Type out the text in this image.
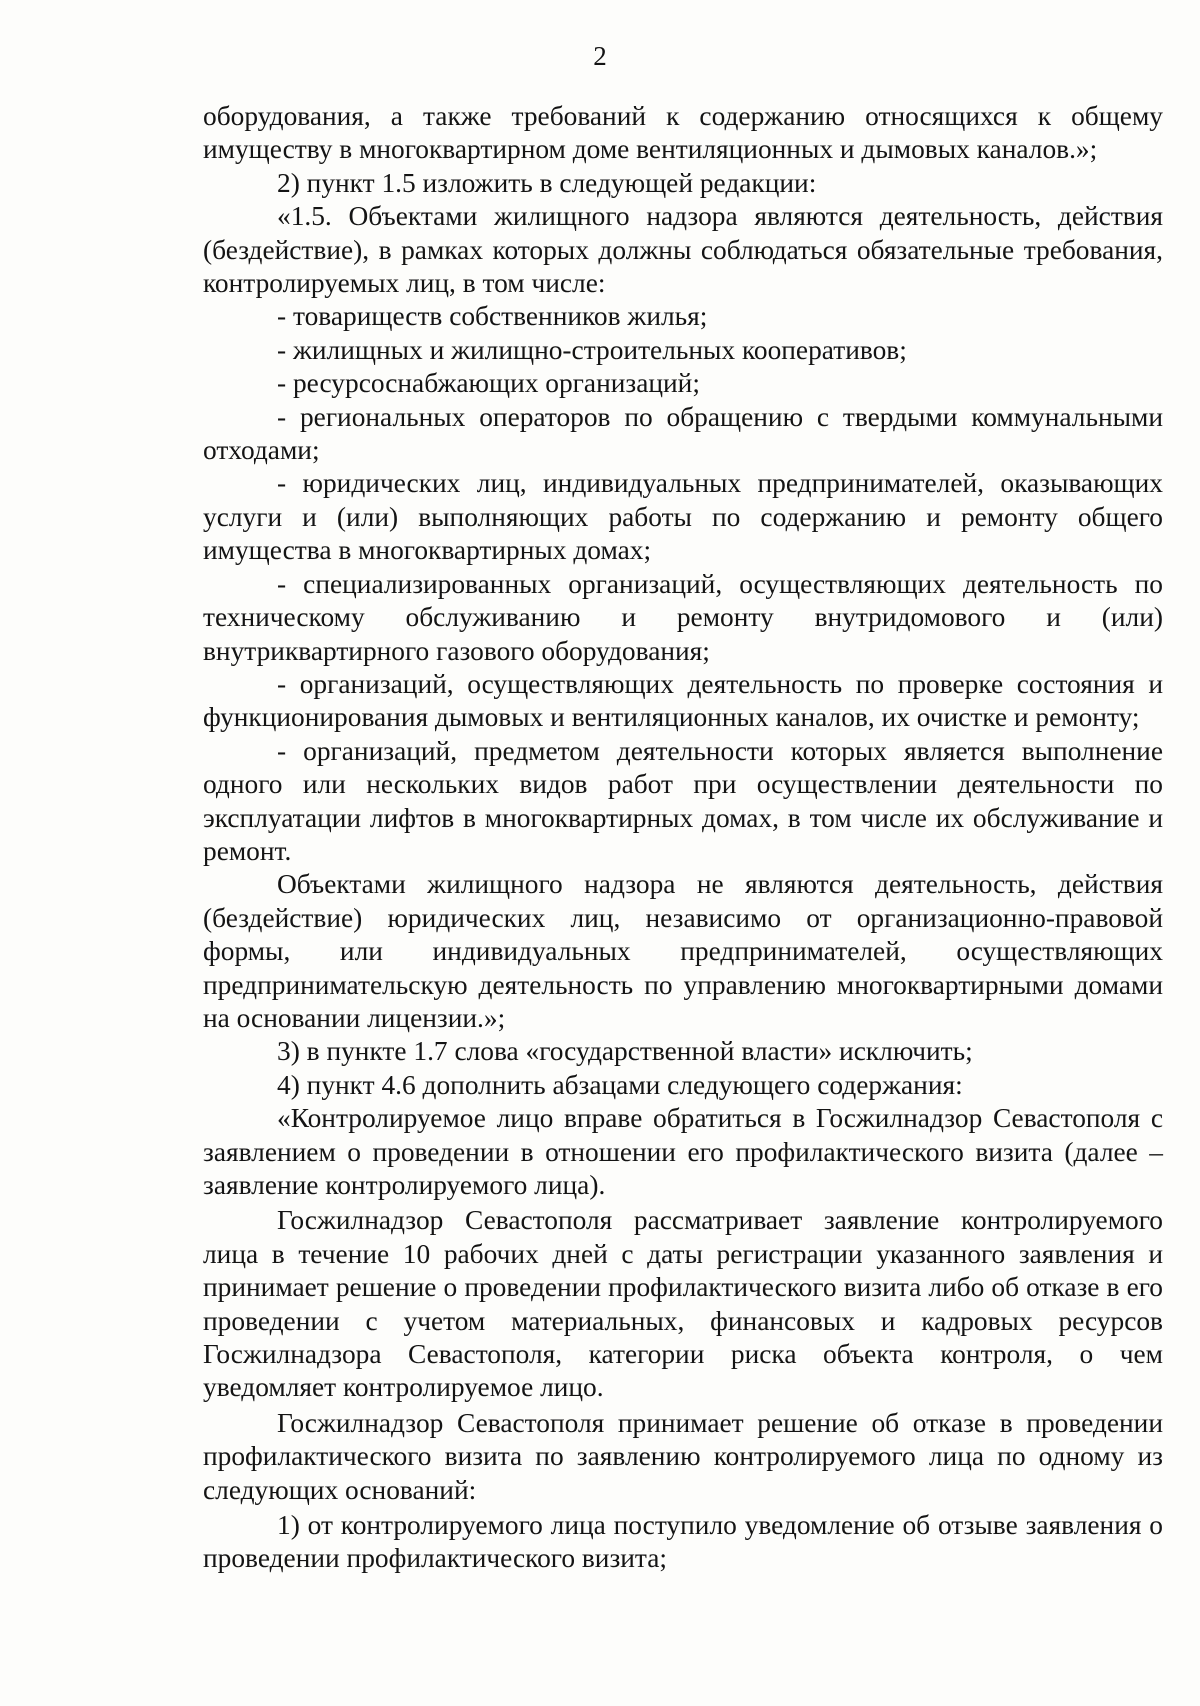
2

оборудования, а также требований к содержанию относящихся к общему имуществу в многоквартирном доме вентиляционных и дымовых каналов.»;

2) пункт 1.5 изложить в следующей редакции:

«1.5. Объектами жилищного надзора являются деятельность, действия (бездействие), в рамках которых должны соблюдаться обязательные требования, контролируемых лиц, в том числе:

- товариществ собственников жилья;

- жилищных и жилищно-строительных кооперативов;

- ресурсоснабжающих организаций;

- региональных операторов по обращению с твердыми коммунальными отходами;

- юридических лиц, индивидуальных предпринимателей, оказывающих услуги и (или) выполняющих работы по содержанию и ремонту общего имущества в многоквартирных домах;

- специализированных организаций, осуществляющих деятельность по техническому обслуживанию и ремонту внутридомового и (или) внутриквартирного газового оборудования;

- организаций, осуществляющих деятельность по проверке состояния и функционирования дымовых и вентиляционных каналов, их очистке и ремонту;

- организаций, предметом деятельности которых является выполнение одного или нескольких видов работ при осуществлении деятельности по эксплуатации лифтов в многоквартирных домах, в том числе их обслуживание и ремонт.

Объектами жилищного надзора не являются деятельность, действия (бездействие) юридических лиц, независимо от организационно-правовой формы, или индивидуальных предпринимателей, осуществляющих предпринимательскую деятельность по управлению многоквартирными домами на основании лицензии.»;

3) в пункте 1.7 слова «государственной власти» исключить;

4) пункт 4.6 дополнить абзацами следующего содержания:

«Контролируемое лицо вправе обратиться в Госжилнадзор Севастополя с заявлением о проведении в отношении его профилактического визита (далее – заявление контролируемого лица).

Госжилнадзор Севастополя рассматривает заявление контролируемого лица в течение 10 рабочих дней с даты регистрации указанного заявления и принимает решение о проведении профилактического визита либо об отказе в его проведении с учетом материальных, финансовых и кадровых ресурсов Госжилнадзора Севастополя, категории риска объекта контроля, о чем уведомляет контролируемое лицо.

Госжилнадзор Севастополя принимает решение об отказе в проведении профилактического визита по заявлению контролируемого лица по одному из следующих оснований:

1) от контролируемого лица поступило уведомление об отзыве заявления о проведении профилактического визита;
